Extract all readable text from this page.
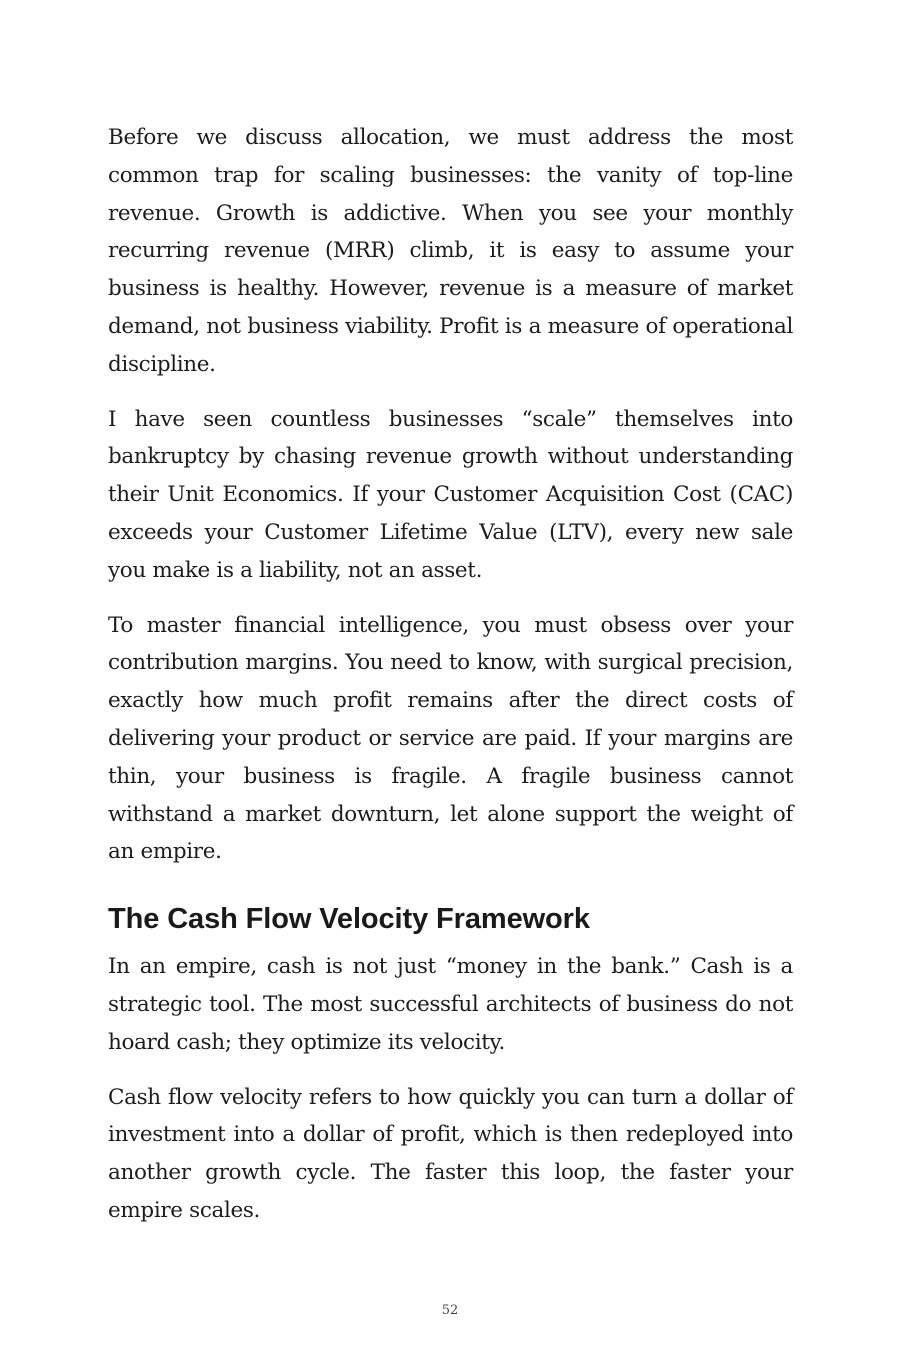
Before we discuss allocation, we must address the most common trap for scaling businesses: the vanity of top-line revenue. Growth is addictive. When you see your monthly recurring revenue (MRR) climb, it is easy to assume your business is healthy. However, revenue is a measure of market demand, not business viability. Profit is a measure of operational discipline.

I have seen countless businesses “scale” themselves into bankruptcy by chasing revenue growth without understanding their Unit Economics. If your Customer Acquisition Cost (CAC) exceeds your Customer Lifetime Value (LTV), every new sale you make is a liability, not an asset.

To master financial intelligence, you must obsess over your contribution margins. You need to know, with surgical precision, exactly how much profit remains after the direct costs of delivering your product or service are paid. If your margins are thin, your business is fragile. A fragile business cannot withstand a market downturn, let alone support the weight of an empire.

The Cash Flow Velocity Framework

In an empire, cash is not just “money in the bank.” Cash is a strategic tool. The most successful architects of business do not hoard cash; they optimize its velocity.

Cash flow velocity refers to how quickly you can turn a dollar of investment into a dollar of profit, which is then redeployed into another growth cycle. The faster this loop, the faster your empire scales.

52
